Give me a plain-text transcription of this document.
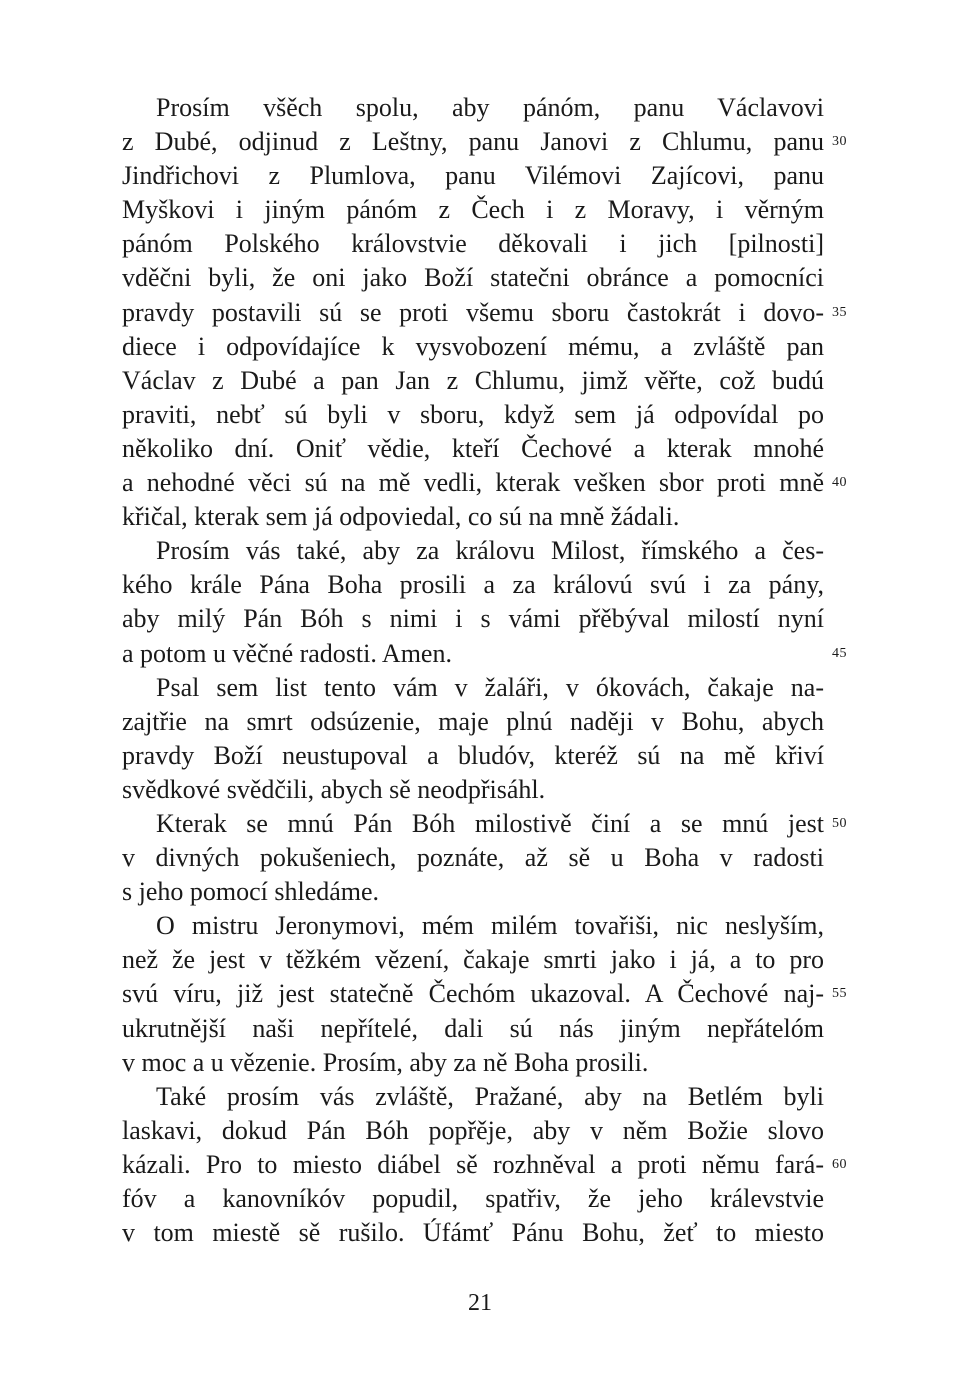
Prosím všěch spolu, aby pánóm, panu Václavovi
z Dubé, odjinud z Leštny, panu Janovi z Chlumu, panu 30
Jindřichovi z Plumlova, panu Vilémovi Zajícovi, panu
Myškovi i jiným pánóm z Čech i z Moravy, i věrným
pánóm Polského královstvie děkovali i jich [pilnosti]
vděčni byli, že oni jako Boží statečni obránce a pomocníci
pravdy postavili sú se proti všemu sboru častokrát i dovo- 35
diece i odpovídajíce k vysvobození mému, a zvláště pan
Václav z Dubé a pan Jan z Chlumu, jimž věřte, což budú
praviti, nebť sú byli v sboru, když sem já odpovídal po
několiko dní. Oniť vědie, kteří Čechové a kterak mnohé
a nehodné věci sú na mě vedli, kterak vešken sbor proti mně 40
křičal, kterak sem já odpoviedal, co sú na mně žádali.
Prosím vás také, aby za královu Milost, římského a čes-
kého krále Pána Boha prosili a za královú svú i za pány,
aby milý Pán Bóh s nimi i s vámi přěbýval milostí nyní
a potom u věčné radosti. Amen.	45
Psal sem list tento vám v žaláři, v ókovách, čakaje na-
zajtřie na smrt odsúzenie, maje plnú naději v Bohu, abych
pravdy Boží neustupoval a bludóv, kteréž sú na mě křiví
svědkové svědčili, abych sě neodpřisáhl.
Kterak se mnú Pán Bóh milostivě činí a se mnú jest 50
v divných pokušeniech, poznáte, až sě u Boha v radosti
s jeho pomocí shledáme.
O mistru Jeronymovi, mém milém tovařiši, nic neslyším,
než že jest v těžkém vězení, čakaje smrti jako i já, a to pro
svú víru, již jest statečně Čechóm ukazoval. A Čechové naj- 55
ukrutnější naši nepřítelé, dali sú nás jiným nepřátelóm
v moc a u vězenie. Prosím, aby za ně Boha prosili.
Také prosím vás zvláště, Pražané, aby na Betlém byli
laskavi, dokud Pán Bóh popřěje, aby v něm Božie slovo
kázali. Pro to miesto diábel sě rozhněval a proti němu fará- 60
fóv a kanovníkóv popudil, spatřiv, že jeho králevstvie
v tom miestě sě rušilo. Úfámť Pánu Bohu, žeť to miesto
21
